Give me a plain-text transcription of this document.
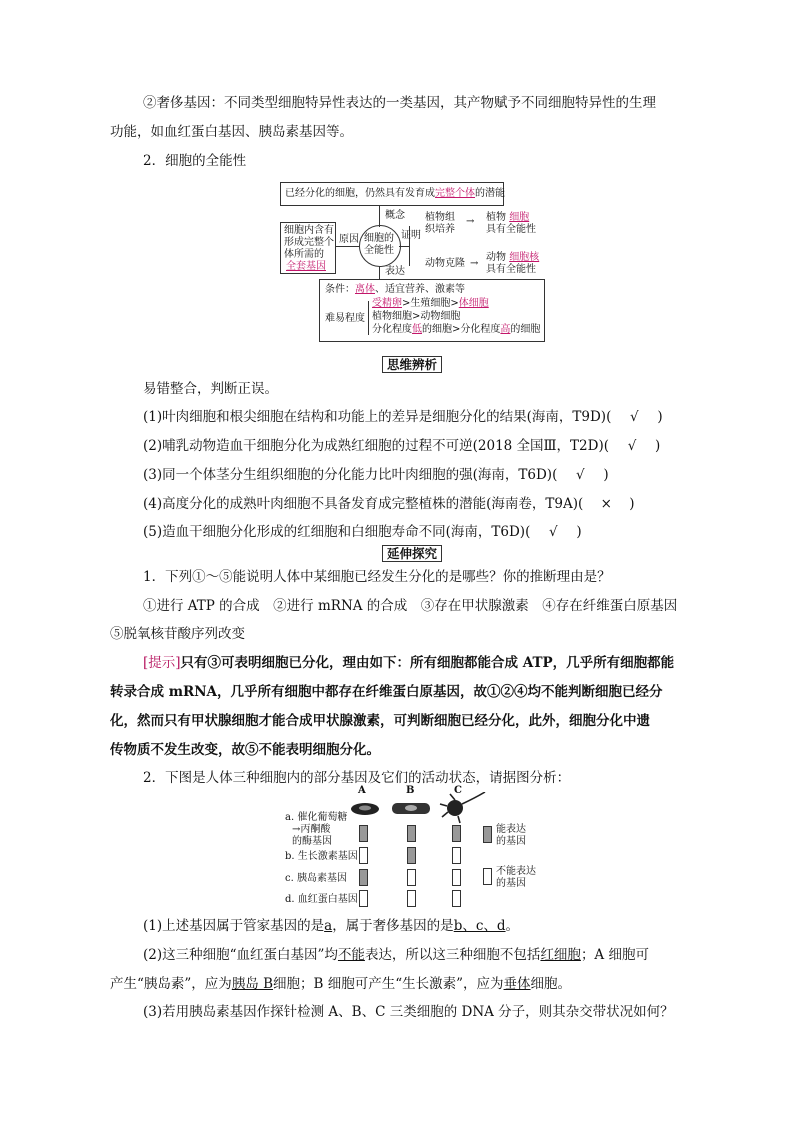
②奢侈基因：不同类型细胞特异性表达的一类基因，其产物赋予不同细胞特异性的生理
功能，如血红蛋白基因、胰岛素基因等。
2．细胞的全能性
已经分化的细胞，仍然具有发育成完整个体的潜能
概念
细胞内含有
形成完整个
体所需的
全套基因
原因 细胞的
全能性
证明
植物组
织培养
→ 植物 细胞
具有全能性
动物克隆 →
动物 细胞核
具有全能性
表达
条件：离体、适宜营养、激素等
难易程度
受精卵>生殖细胞>体细胞
植物细胞>动物细胞
分化程度低的细胞>分化程度高的细胞
思维辨析
易错整合，判断正误。
(1)叶肉细胞和根尖细胞在结构和功能上的差异是细胞分化的结果(海南，T9D)( √ )
(2)哺乳动物造血干细胞分化为成熟红细胞的过程不可逆(2018 全国Ⅲ，T2D)( √ )
(3)同一个体茎分生组织细胞的分化能力比叶肉细胞的强(海南，T6D)( √ )
(4)高度分化的成熟叶肉细胞不具备发育成完整植株的潜能(海南卷，T9A)( × )
(5)造血干细胞分化形成的红细胞和白细胞寿命不同(海南，T6D)( √ )
延伸探究
1．下列①～⑤能说明人体中某细胞已经发生分化的是哪些？你的推断理由是？
①进行 ATP 的合成　②进行 mRNA 的合成　③存在甲状腺激素　④存在纤维蛋白原基因
⑤脱氧核苷酸序列改变
[提示]只有③可表明细胞已分化，理由如下：所有细胞都能合成 ATP，几乎所有细胞都能
转录合成 mRNA，几乎所有细胞中都存在纤维蛋白原基因，故①②④均不能判断细胞已经分
化，然而只有甲状腺细胞才能合成甲状腺激素，可判断细胞已经分化，此外，细胞分化中遗
传物质不发生改变，故⑤不能表明细胞分化。
2．下图是人体三种细胞内的部分基因及它们的活动状态，请据图分析：
A	B	C
a. 催化葡萄糖
→丙酮酸
的酶基因
b. 生长激素基因
c. 胰岛素基因
d. 血红蛋白基因
能表达
的基因
不能表达
的基因
(1)上述基因属于管家基因的是a，属于奢侈基因的是b、c、d。
(2)这三种细胞“血红蛋白基因”均不能表达，所以这三种细胞不包括红细胞；A 细胞可
产生“胰岛素”，应为胰岛 B细胞；B 细胞可产生“生长激素”，应为垂体细胞。
(3)若用胰岛素基因作探针检测 A、B、C 三类细胞的 DNA 分子，则其杂交带状况如何？
